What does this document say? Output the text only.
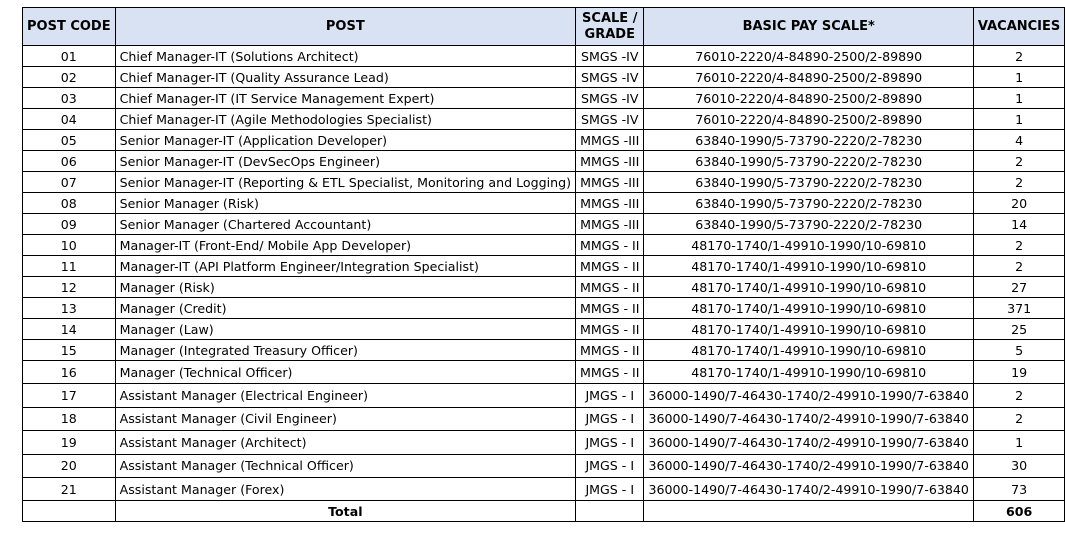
POST CODE	POST	SCALE / GRADE	BASIC PAY SCALE*	VACANCIES
01	Chief Manager-IT (Solutions Architect)	SMGS -IV	76010-2220/4-84890-2500/2-89890	2
02	Chief Manager-IT (Quality Assurance Lead)	SMGS -IV	76010-2220/4-84890-2500/2-89890	1
03	Chief Manager-IT (IT Service Management Expert)	SMGS -IV	76010-2220/4-84890-2500/2-89890	1
04	Chief Manager-IT (Agile Methodologies Specialist)	SMGS -IV	76010-2220/4-84890-2500/2-89890	1
05	Senior Manager-IT (Application Developer)	MMGS -III	63840-1990/5-73790-2220/2-78230	4
06	Senior Manager-IT (DevSecOps Engineer)	MMGS -III	63840-1990/5-73790-2220/2-78230	2
07	Senior Manager-IT (Reporting & ETL Specialist, Monitoring and Logging)	MMGS -III	63840-1990/5-73790-2220/2-78230	2
08	Senior Manager (Risk)	MMGS -III	63840-1990/5-73790-2220/2-78230	20
09	Senior Manager (Chartered Accountant)	MMGS -III	63840-1990/5-73790-2220/2-78230	14
10	Manager-IT (Front-End/ Mobile App Developer)	MMGS - II	48170-1740/1-49910-1990/10-69810	2
11	Manager-IT (API Platform Engineer/Integration Specialist)	MMGS - II	48170-1740/1-49910-1990/10-69810	2
12	Manager (Risk)	MMGS - II	48170-1740/1-49910-1990/10-69810	27
13	Manager (Credit)	MMGS - II	48170-1740/1-49910-1990/10-69810	371
14	Manager (Law)	MMGS - II	48170-1740/1-49910-1990/10-69810	25
15	Manager (Integrated Treasury Officer)	MMGS - II	48170-1740/1-49910-1990/10-69810	5
16	Manager (Technical Officer)	MMGS - II	48170-1740/1-49910-1990/10-69810	19
17	Assistant Manager (Electrical Engineer)	JMGS - I	36000-1490/7-46430-1740/2-49910-1990/7-63840	2
18	Assistant Manager (Civil Engineer)	JMGS - I	36000-1490/7-46430-1740/2-49910-1990/7-63840	2
19	Assistant Manager (Architect)	JMGS - I	36000-1490/7-46430-1740/2-49910-1990/7-63840	1
20	Assistant Manager (Technical Officer)	JMGS - I	36000-1490/7-46430-1740/2-49910-1990/7-63840	30
21	Assistant Manager (Forex)	JMGS - I	36000-1490/7-46430-1740/2-49910-1990/7-63840	73
	Total			606
